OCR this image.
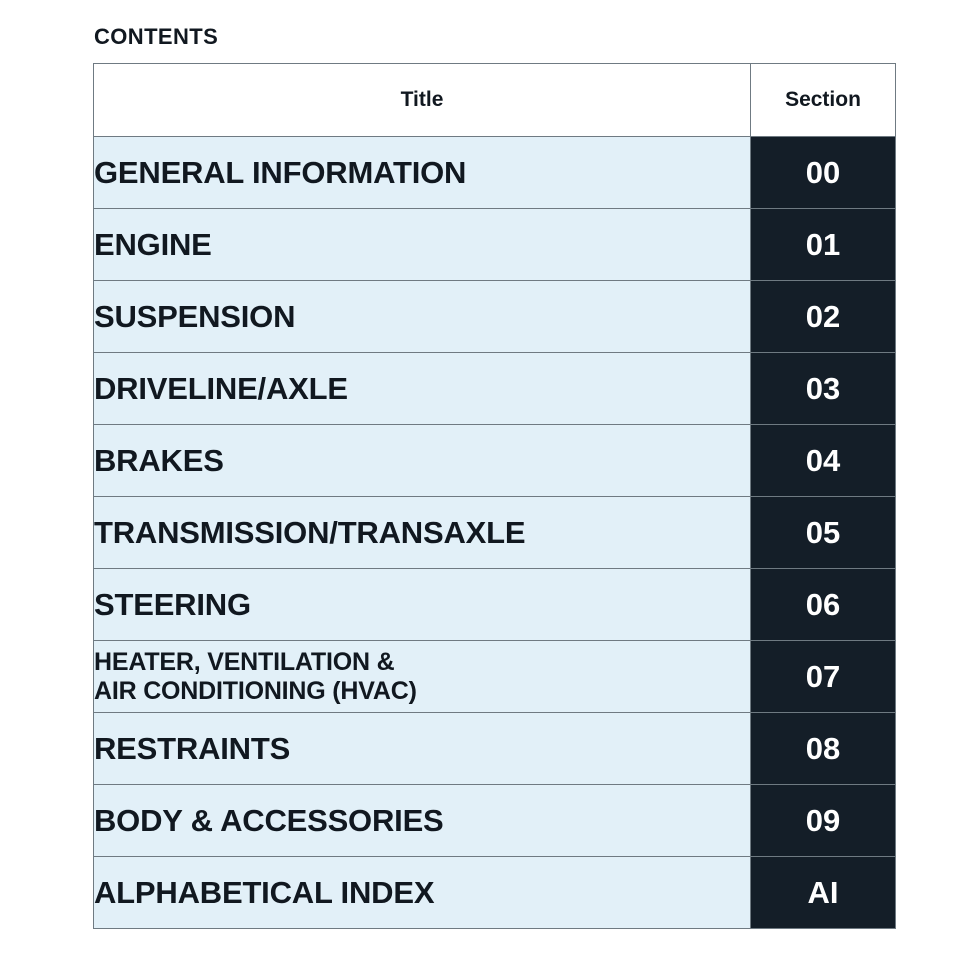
CONTENTS
Title	Section
GENERAL INFORMATION	00
ENGINE	01
SUSPENSION	02
DRIVELINE/AXLE	03
BRAKES	04
TRANSMISSION/TRANSAXLE	05
STEERING	06

HEATER, VENTILATION &
AIR CONDITIONING (HVAC)	07
RESTRAINTS	08
BODY & ACCESSORIES	09
ALPHABETICAL INDEX	AI
